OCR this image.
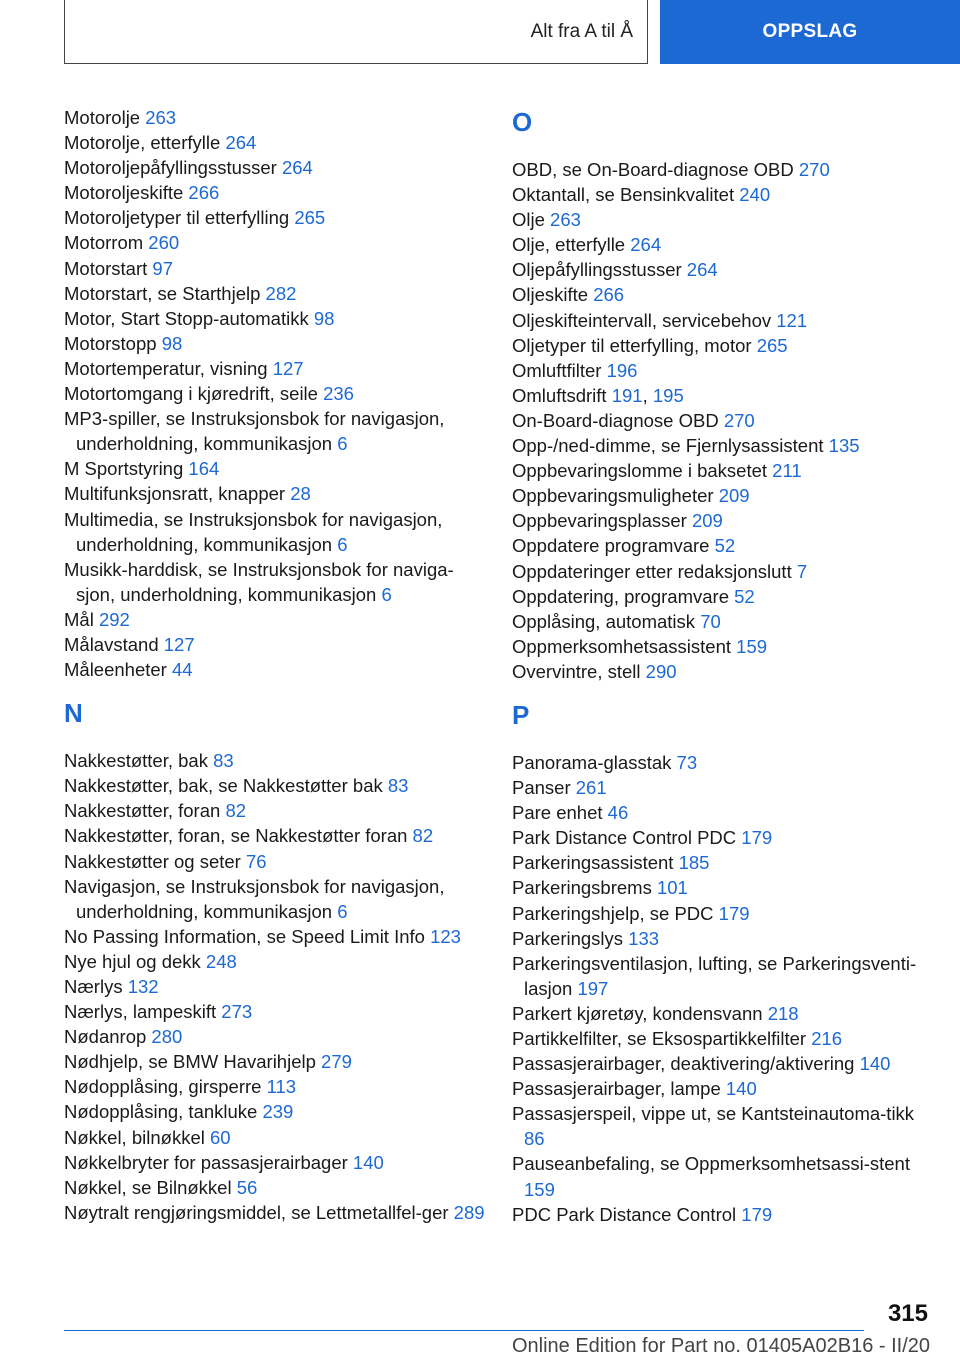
Alt fra A til Å	OPPSLAG
Motorolje 263
Motorolje, etterfylle 264
Motoroljepåfyllingsstusser 264
Motoroljeskifte 266
Motoroljetyper til etterfylling 265
Motorrom 260
Motorstart 97
Motorstart, se Starthjelp 282
Motor, Start Stopp-automatikk 98
Motorstopp 98
Motortemperatur, visning 127
Motortomgang i kjøredrift, seile 236
MP3-spiller, se Instruksjonsbok for navigasjon, underholdning, kommunikasjon 6
M Sportstyring 164
Multifunksjonsratt, knapper 28
Multimedia, se Instruksjonsbok for navigasjon, underholdning, kommunikasjon 6
Musikk-harddisk, se Instruksjonsbok for naviga-sjon, underholdning, kommunikasjon 6
Mål 292
Målavstand 127
Måleenheter 44
N
Nakkestøtter, bak 83
Nakkestøtter, bak, se Nakkestøtter bak 83
Nakkestøtter, foran 82
Nakkestøtter, foran, se Nakkestøtter foran 82
Nakkestøtter og seter 76
Navigasjon, se Instruksjonsbok for navigasjon, underholdning, kommunikasjon 6
No Passing Information, se Speed Limit Info 123
Nye hjul og dekk 248
Nærlys 132
Nærlys, lampeskift 273
Nødanrop 280
Nødhjelp, se BMW Havarihjelp 279
Nødopplåsing, girsperre 113
Nødopplåsing, tankluke 239
Nøkkel, bilnøkkel 60
Nøkkelbryter for passasjerairbager 140
Nøkkel, se Bilnøkkel 56
Nøytralt rengjøringsmiddel, se Lettmetallfel-ger 289
O
OBD, se On-Board-diagnose OBD 270
Oktantall, se Bensinkvalitet 240
Olje 263
Olje, etterfylle 264
Oljepåfyllingsstusser 264
Oljeskifte 266
Oljeskifteintervall, servicebehov 121
Oljetyper til etterfylling, motor 265
Omluftfilter 196
Omluftsdrift 191, 195
On-Board-diagnose OBD 270
Opp-/ned-dimme, se Fjernlysassistent 135
Oppbevaringslomme i baksetet 211
Oppbevaringsmuligheter 209
Oppbevaringsplasser 209
Oppdatere programvare 52
Oppdateringer etter redaksjonslutt 7
Oppdatering, programvare 52
Opplåsing, automatisk 70
Oppmerksomhetsassistent 159
Overvintre, stell 290
P
Panorama-glasstak 73
Panser 261
Pare enhet 46
Park Distance Control PDC 179
Parkeringsassistent 185
Parkeringsbrems 101
Parkeringshjelp, se PDC 179
Parkeringslys 133
Parkeringsventilasjon, lufting, se Parkeringsventi-lasjon 197
Parkert kjøretøy, kondensvann 218
Partikkelfilter, se Eksospartikkelfilter 216
Passasjerairbager, deaktivering/aktivering 140
Passasjerairbager, lampe 140
Passasjerspeil, vippe ut, se Kantsteinautoma-tikk 86
Pauseanbefaling, se Oppmerksomhetsassi-stent 159
PDC Park Distance Control 179
315
Online Edition for Part no. 01405A02B16 - II/20
